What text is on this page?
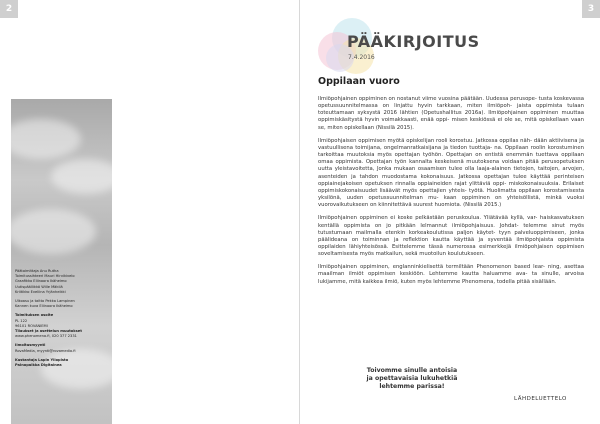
2
Päätoimittaja Anu Rutha
Toimitussihteeri Mauri Hirvikivelo
Graafikko Eliinoora Ikäheimo
Uutispäällikkö Wille Mäkilä
Kriitikko Eveliina Yrjänheikki
Ulkoasu ja taitto Pekka Lampinen
Kannen kuva Eliinoora Ikäheimo
Toimituksen osoite
PL 122
96101 ROVANIEMI
Tilaukset ja asettelun muutokset
www.phenomena.fi, 020 377 2331
Ilmoitusmyynti
RovaMedia, myynti@rovamedia.fi
Kustantaja Lapin Yliopisto
Painopaikka Digitalnea
3
PÄÄKIRJOITUS
7.4.2016
Oppilaan vuoro

Ilmiöpohjainen oppiminen on nostanut viime vuosina päätään. Uudessa perusope- tusta koskevassa opetussuunnitelmassa on linjattu hyvin tarkkaan, miten ilmiöpoh- jaista oppimista tulaan toteuttamaan syksystä 2016 lähtien (Opetushallitus 2016a). Ilmiöpohjainen oppiminen muuttaa oppimiskäsitystä hyvin voimakkaasti, enää oppi- misen keskiössä ei ole se, mitä opiskellaan vaan se, miten opiskellaan (Nissilä 2015).

Ilmiöpohjaisen oppimisen myötä opiskelijan rooli korostuu. Jatkossa oppilas näh- dään aktiivisena ja vastuullisena toimijana, ongelmanratkaisijana ja tiedon tuottaja- na. Oppilaan roolin korostuminen tarkoittaa muutoksia myös opettajan työhön. Opettajan on entistä enemmän tuettava oppilaan omaa oppimista. Opettajan työn kannalta keskeisenä muutoksena voidaan pitää perusopetuksen uutta yleistavoitetta, Jonka mukaan osaamisen tulee olla laaja-alainen tietojen, taitojen, arvojen, asenteiden ja tahdon muodostama kokonaisuus. Jatkossa opettajan tulee käyttää perinteisen oppiainejakoisen opetuksen rinnalla oppiaineiden rajat ylittäviä oppi- miskokonaisuuksia. Erilaiset oppimiskokonaisuudet lisäävät myös opettajien yhteis- työtä. Huolimatta oppilaan korostamisesta yksilönä, uuden opetussuunnitelman mu- kaan oppiminen on yhteisöllistä, minkä vuoksi vuorovaikutukseen on kiinnitettävä suurest huomiota. (Nissilä 2015.)

Ilmiöpohjainen oppiminen ei koske pelkästään peruskoulua. Yliätävää kyllä, var- haiskasvatuksen kentällä oppimista on jo pitkään lelmannut ilmiöpohjaisuus. Johdat- telemme sinut myös tutustumaan mailmalla etenkin korkeakoulutissa paljon käytet- tyyn palveluoppimiseen, jonka päälideana on toiminnan ja reflektion kautta käyttää ja syventää ilmiöpohjaista oppimista oppilaiden lähiyhteisössä. Esittelemme tässä numerossa esimerkkejä ilmiöpohjaisen oppimisen soveltamisesta myös matkailun, sekä muotoilun koulutukseen.

Ilmiöpohjainen oppiminen, englanninkielisettä termiltään Phenomenon based lear- ning, asettaa maailman ilmiöt oppimisen keskiöön. Lehtemme kautta haluamme ava- ta sinulle, arvoisa lukijamme, mitä kaikkea ilmiö, kuten myös lehtemme Phenomena, todella pitää sisällään.

Toivomme sinulle antoisia
ja opettavaisia lukuhetkiä
lehtemme parissa!
LÄHDELUETTELO
